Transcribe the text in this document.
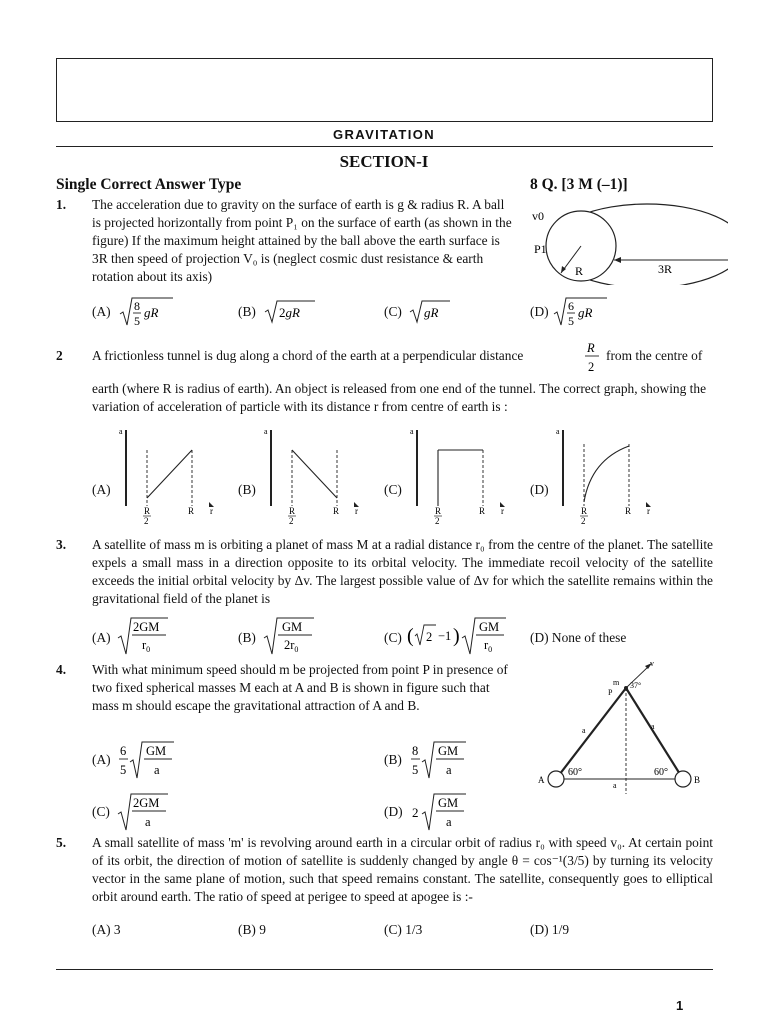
GRAVITATION
SECTION-I
Single Correct Answer Type	8 Q. [3 M (–1)]
1. The acceleration due to gravity on the surface of earth is g & radius R. A ball is projected horizontally from point P₁ on the surface of earth (as shown in the figure) If the maximum height attained by the ball above the earth surface is 3R then speed of projection V₀ is (neglect cosmic dust resistance & earth rotation about its axis)
v0
P1
R	3R
(A) 8
5
gR	(B) 2gR	(C) gR	(D) 6
5
gR
2 A frictionless tunnel is dug along a chord of the earth at a perpendicular distance	R
2
from the centre of
earth (where R is radius of earth). An object is released from one end of the tunnel. The correct graph, showing the variation of acceleration of particle with its distance r from centre of earth is :
(A)
a
R
2
R r
(B)
a
R
2
R r
(C)
a
R
2
R r
(D)
a
R
2
R r
3. A satellite of mass m is orbiting a planet of mass M at a radial distance r₀ from the centre of the planet. The satellite expels a small mass in a direction opposite to its orbital velocity. The immediate recoil velocity of the satellite exceeds the initial orbital velocity by Δv. The largest possible value of Δv for which the satellite remains within the gravitational field of the planet is
(A)
2GM
$r_0$
(B)
GM
$2r_0$
(C) ( 2 −1 ) GM
$r_0$
(D) None of these
4. With what minimum speed should m be projected from point P in presence of two fixed spherical masses M each at A and B is shown in figure such that mass m should escape the gravitational attraction of A and B.
v
m
P
37°
a	a
60°	60°
a
A	B
(A)
6
5
GM
a
(B)
8
5
GM
a
(C)
2GM
a
(D) 2
GM
a
5. A small satellite of mass 'm' is revolving around earth in a circular orbit of radius r₀ with speed v₀. At certain point of its orbit, the direction of motion of satellite is suddenly changed by angle θ = cos⁻¹(3/5) by turning its velocity vector in the same plane of motion, such that speed remains constant. The satellite, consequently goes to elliptical orbit around earth. The ratio of speed at perigee to speed at apogee is :-
(A) 3	(B) 9	(C) 1/3	(D) 1/9
1
